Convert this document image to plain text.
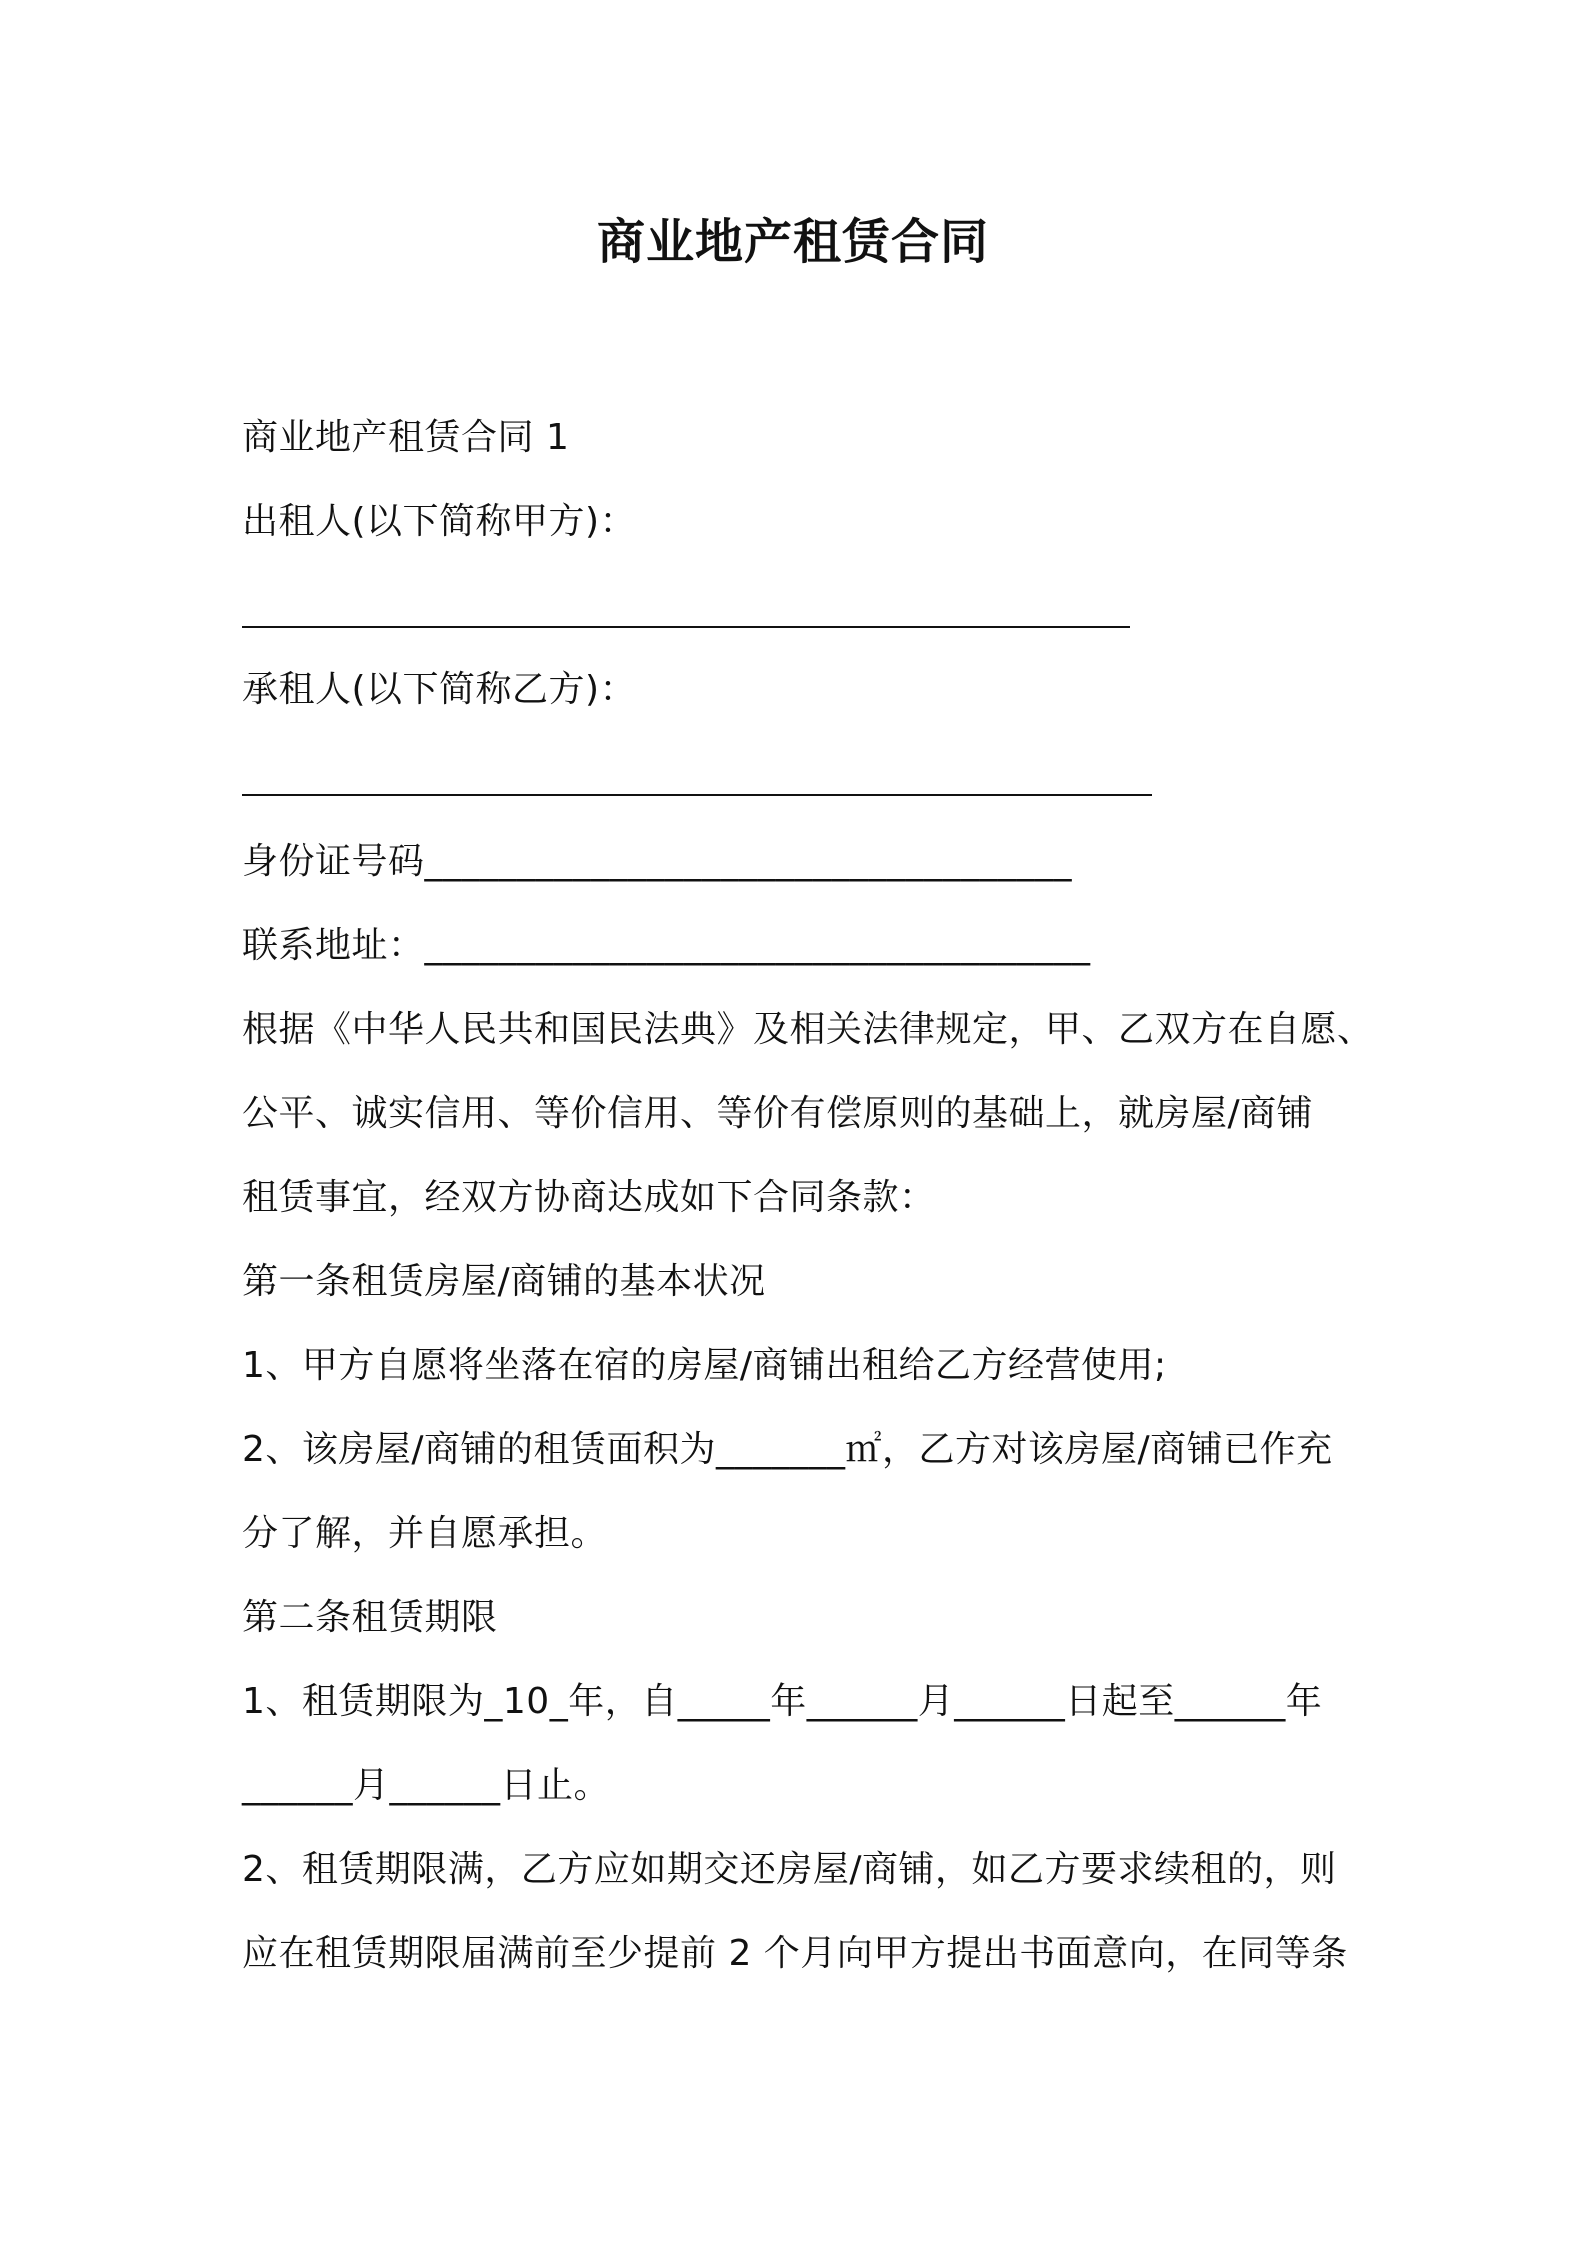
商业地产租赁合同
商业地产租赁合同 1
出租人(以下简称甲方)：
承租人(以下简称乙方)：
身份证号码___________________________________
联系地址：____________________________________
根据《中华人民共和国民法典》及相关法律规定，甲、乙双方在自愿、
公平、诚实信用、等价信用、等价有偿原则的基础上，就房屋/商铺
租赁事宜，经双方协商达成如下合同条款：
第一条租赁房屋/商铺的基本状况
1、甲方自愿将坐落在宿的房屋/商铺出租给乙方经营使用;
2、该房屋/商铺的租赁面积为_______㎡，乙方对该房屋/商铺已作充
分了解，并自愿承担。
第二条租赁期限
1、租赁期限为_10_年，自_____年______月______日起至______年
______月______日止。
2、租赁期限满，乙方应如期交还房屋/商铺，如乙方要求续租的，则
应在租赁期限届满前至少提前 2 个月向甲方提出书面意向，在同等条
